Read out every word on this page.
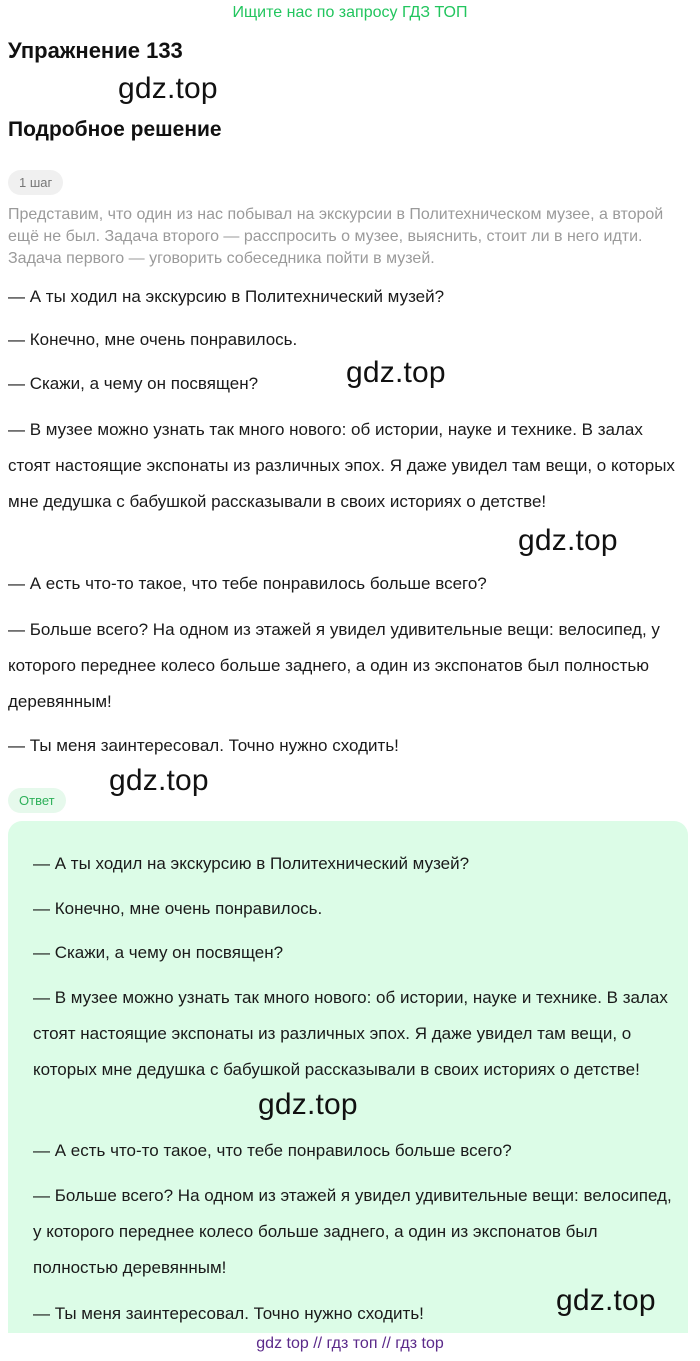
Ищите нас по запросу ГДЗ ТОП
Упражнение 133
gdz.top
Подробное решение
1 шаг

Представим, что один из нас побывал на экскурсии в Политехническом музее, а второй ещё не был. Задача второго — расспросить о музее, выяснить, стоит ли в него идти. Задача первого — уговорить собеседника пойти в музей.

— А ты ходил на экскурсию в Политехнический музей?

— Конечно, мне очень понравилось.

— Скажи, а чему он посвящен?

— В музее можно узнать так много нового: об истории, науке и технике. В залах стоят настоящие экспонаты из различных эпох. Я даже увидел там вещи, о которых мне дедушка с бабушкой рассказывали в своих историях о детстве!

— А есть что-то такое, что тебе понравилось больше всего?

— Больше всего? На одном из этажей я увидел удивительные вещи: велосипед, у которого переднее колесо больше заднего, а один из экспонатов был полностью деревянным!

— Ты меня заинтересовал. Точно нужно сходить!

gdz.top
gdz.top
gdz.top
Ответ

— А ты ходил на экскурсию в Политехнический музей?

— Конечно, мне очень понравилось.

— Скажи, а чему он посвящен?

— В музее можно узнать так много нового: об истории, науке и технике. В залах стоят настоящие экспонаты из различных эпох. Я даже увидел там вещи, о которых мне дедушка с бабушкой рассказывали в своих историях о детстве!

— А есть что-то такое, что тебе понравилось больше всего?

— Больше всего? На одном из этажей я увидел удивительные вещи: велосипед, у которого переднее колесо больше заднего, а один из экспонатов был полностью деревянным!

— Ты меня заинтересовал. Точно нужно сходить!

gdz.top
gdz.top
gdz top // гдз топ // гдз top
